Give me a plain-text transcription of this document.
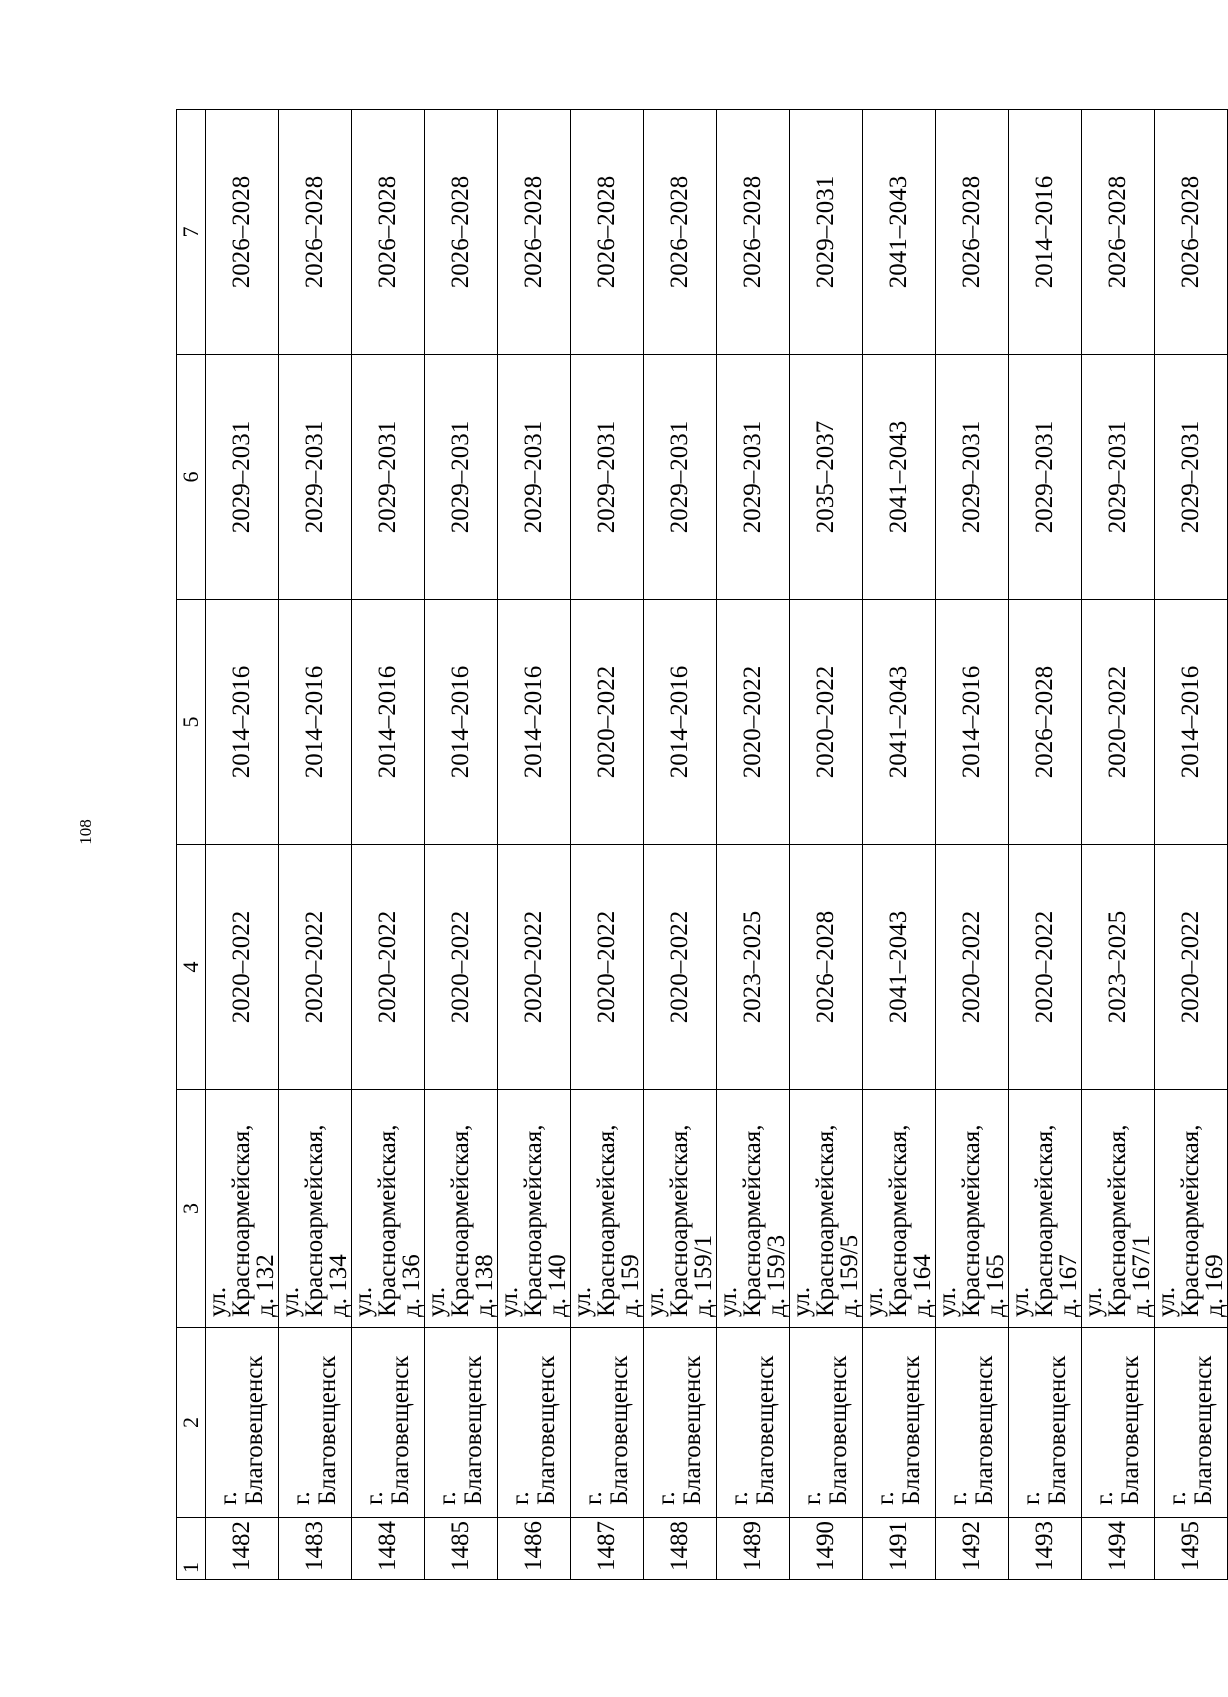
108
1	2	3	4	5	6	7
1482	г. Благовещенск	ул. Красноармейская,
д. 132	2020–2022	2014–2016	2029–2031	2026–2028
1483	г. Благовещенск	ул. Красноармейская,
д. 134	2020–2022	2014–2016	2029–2031	2026–2028
1484	г. Благовещенск	ул. Красноармейская,
д. 136	2020–2022	2014–2016	2029–2031	2026–2028
1485	г. Благовещенск	ул. Красноармейская,
д. 138	2020–2022	2014–2016	2029–2031	2026–2028
1486	г. Благовещенск	ул. Красноармейская,
д. 140	2020–2022	2014–2016	2029–2031	2026–2028
1487	г. Благовещенск	ул. Красноармейская,
д. 159	2020–2022	2020–2022	2029–2031	2026–2028
1488	г. Благовещенск	ул. Красноармейская,
д. 159/1	2020–2022	2014–2016	2029–2031	2026–2028
1489	г. Благовещенск	ул. Красноармейская,
д. 159/3	2023–2025	2020–2022	2029–2031	2026–2028
1490	г. Благовещенск	ул. Красноармейская,
д. 159/5	2026–2028	2020–2022	2035–2037	2029–2031
1491	г. Благовещенск	ул. Красноармейская,
д. 164	2041–2043	2041–2043	2041–2043	2041–2043
1492	г. Благовещенск	ул. Красноармейская,
д. 165	2020–2022	2014–2016	2029–2031	2026–2028
1493	г. Благовещенск	ул. Красноармейская,
д. 167	2020–2022	2026–2028	2029–2031	2014–2016
1494	г. Благовещенск	ул. Красноармейская,
д. 167/1	2023–2025	2020–2022	2029–2031	2026–2028
1495	г. Благовещенск	ул. Красноармейская,
д. 169	2020–2022	2014–2016	2029–2031	2026–2028
